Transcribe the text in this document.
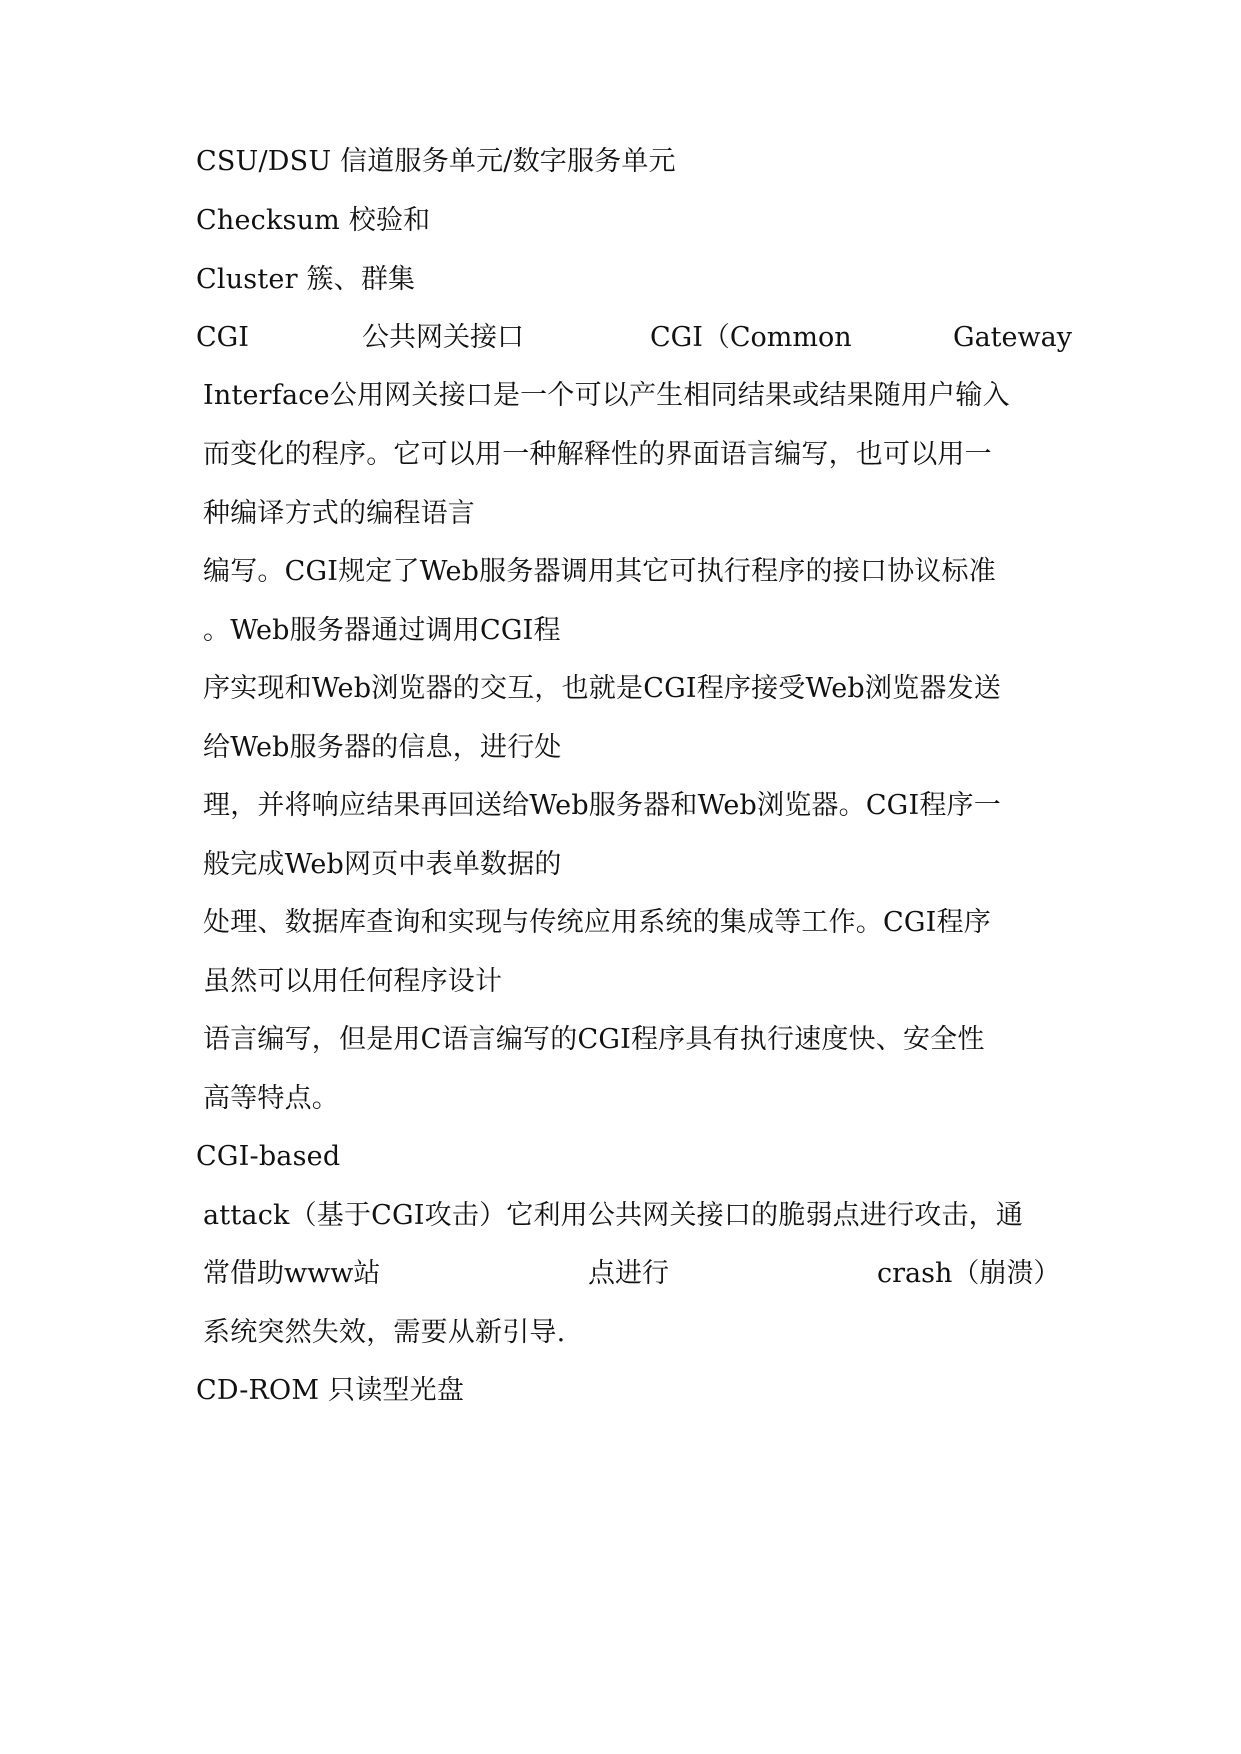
CSU/DSU 信道服务单元/数字服务单元
Checksum 校验和
Cluster 簇、群集
CGI	公共网关接口	CGI（Common	Gateway
Interface公用网关接口是一个可以产生相同结果或结果随用户输入
而变化的程序。它可以用一种解释性的界面语言编写，也可以用一
种编译方式的编程语言
编写。CGI规定了Web服务器调用其它可执行程序的接口协议标准
。Web服务器通过调用CGI程
序实现和Web浏览器的交互，也就是CGI程序接受Web浏览器发送
给Web服务器的信息，进行处
理，并将响应结果再回送给Web服务器和Web浏览器。CGI程序一
般完成Web网页中表单数据的
处理、数据库查询和实现与传统应用系统的集成等工作。CGI程序
虽然可以用任何程序设计
语言编写，但是用C语言编写的CGI程序具有执行速度快、安全性
高等特点。
CGI-based
attack（基于CGI攻击）它利用公共网关接口的脆弱点进行攻击，通
常借助www站	点进行	crash（崩溃）
系统突然失效，需要从新引导.
CD-ROM 只读型光盘
